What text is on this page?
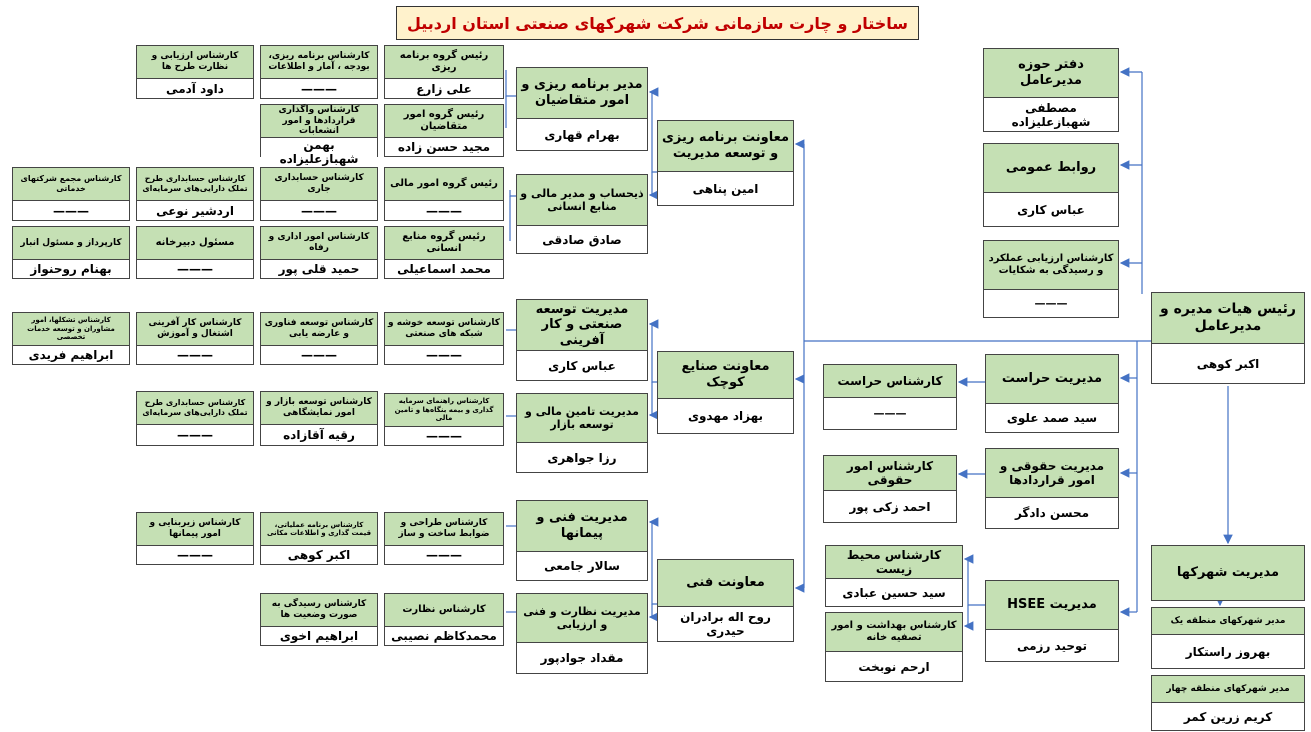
ساختار و چارت سازمانی شرکت شهرکهای صنعتی استان اردبیل
رئیس هیات مدیره و مدیرعامل
اکبر کوهی
دفتر حوزه مدیرعامل
مصطفی شهبازعلیزاده
روابط عمومی
عباس کاری
کارشناس ارزیابی عملکرد و رسیدگی به شکایات
———
مدیریت شهرکها
مدیر شهرکهای منطقه یک
بهروز راستکار
مدیر شهرکهای منطقه چهار
کریم زرین کمر
مدیریت حراست
سید صمد علوی
کارشناس حراست
———
مدیریت حقوقی و امور قراردادها
محسن دادگر
کارشناس امور حقوقی
احمد زکی پور
مدیریت HSEE
توحید رزمی
کارشناس محیط زیست
سید حسین عبادی
کارشناس بهداشت و امور تصفیه خانه
ارحم نوبخت
معاونت برنامه ریزی و توسعه مدیریت
امین پناهی
معاونت صنایع کوچک
بهزاد مهدوی
معاونت فنی
روح اله برادران حیدری
مدیر برنامه ریزی و امور متقاضیان
بهرام قهاری
ذیحساب و مدیر مالی و منابع انسانی
صادق صادقی
مدیریت توسعه صنعتی و کار آفرینی
عباس کاری
مدیریت تامین مالی و توسعه بازار
رزا جواهری
مدیریت فنی و پیمانها
سالار جامعی
مدیریت نظارت و فنی و ارزیابی
مقداد جوادپور
رئیس گروه برنامه ریزی
علی زارع
رئیس گروه امور متقاضیان
مجید حسن زاده
رئیس گروه امور مالی
———
رئیس گروه منابع انسانی
محمد اسماعیلی
کارشناس توسعه خوشه و شبکه های صنعتی
———
کارشناس راهنمای سرمایه گذاری و بیمه بنگاه‌ها و تامین مالی
———
کارشناس طراحی و ضوابط ساخت و ساز
———
کارشناس نظارت
محمدکاظم نصیبی
کارشناس برنامه ریزی، بودجه ، آمار و اطلاعات
———
کارشناس واگذاری قراردادها و امور انشعابات
بهمن شهبازعلیزاده
کارشناس حسابداری جاری
———
کارشناس امور اداری و رفاه
حمید قلی پور
کارشناس توسعه فناوری و عارضه یابی
———
کارشناس توسعه بازار و امور نمایشگاهی
رقیه آقازاده
کارشناس برنامه عملیاتی، قیمت گذاری و اطلاعات مکانی
اکبر کوهی
کارشناس رسیدگی به صورت وضعیت ها
ابراهیم اخوی
کارشناس ارزیابی و نظارت طرح ها
داود آدمی
کارشناس حسابداری طرح تملک دارایی‌های سرمایه‌ای
اردشیر نوعی
مسئول دبیرخانه
———
کارشناس کار آفرینی اشتغال و آموزش
———
کارشناس حسابداری طرح تملک دارایی‌های سرمایه‌ای
———
کارشناس زیربنایی و امور پیمانها
———
کارشناس مجمع شرکتهای خدماتی
———
کارپرداز و مسئول انبار
بهنام روحنواز
کارشناس تشکلها، امور مشاوران و توسعه خدمات تخصصی
ابراهیم فریدی
